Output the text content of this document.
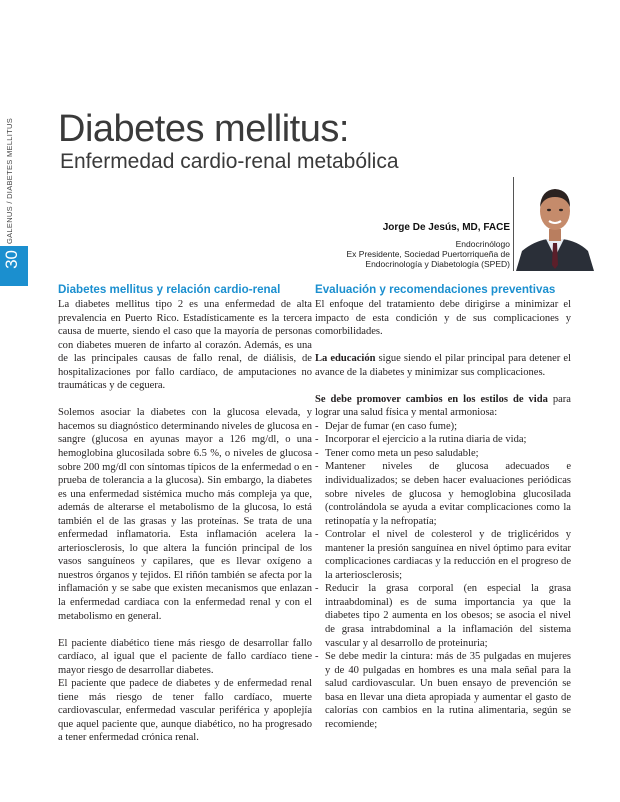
30
GALENUS / DIABETES MELLITUS Diabetes mellitus:
Enfermedad cardio-renal metabólica
Jorge De Jesús, MD, FACE
Endocrinólogo
Ex Presidente, Sociedad Puertorriqueña de
Endocrinología y Diabetología (SPED)
Diabetes mellitus y relación cardio-renal

La diabetes mellitus tipo 2 es una enfermedad de alta prevalencia en Puerto Rico. Estadísticamente es la tercera causa de muerte, siendo el caso que la mayoría de personas con diabetes mueren de infarto al corazón. Además, es una de las principales causas de fallo renal, de diálisis, de hospitalizaciones por fallo cardíaco, de amputaciones no traumáticas y de ceguera.

Solemos asociar la diabetes con la glucosa elevada, y hacemos su diagnóstico determinando niveles de glucosa en sangre (glucosa en ayunas mayor a 126 mg/dl, o una hemoglobina glucosilada sobre 6.5 %, o niveles de glucosa sobre 200 mg/dl con síntomas típicos de la enfermedad o en prueba de tolerancia a la glucosa). Sin embargo, la diabetes es una enfermedad sistémica mucho más compleja ya que, además de alterarse el metabolismo de la glucosa, lo está también el de las grasas y las proteínas. Se trata de una enfermedad inflamatoria. Esta inflamación acelera la arteriosclerosis, lo que altera la función principal de los vasos sanguíneos y capilares, que es llevar oxígeno a nuestros órganos y tejidos. El riñón también se afecta por la inflamación y se sabe que existen mecanismos que enlazan la enfermedad cardiaca con la enfermedad renal y con el metabolismo en general.

El paciente diabético tiene más riesgo de desarrollar fallo cardíaco, al igual que el paciente de fallo cardíaco tiene mayor riesgo de desarrollar diabetes.

El paciente que padece de diabetes y de enfermedad renal tiene más riesgo de tener fallo cardíaco, muerte cardiovascular, enfermedad vascular periférica y apoplejía que aquel paciente que, aunque diabético, no ha progresado a tener enfermedad crónica renal.

Evaluación y recomendaciones preventivas

El enfoque del tratamiento debe dirigirse a minimizar el impacto de esta condición y de sus complicaciones y comorbilidades.

La educación sigue siendo el pilar principal para detener el avance de la diabetes y minimizar sus complicaciones.

Se debe promover cambios en los estilos de vida para lograr una salud física y mental armoniosa:

- Dejar de fumar (en caso fume);
- Incorporar el ejercicio a la rutina diaria de vida;
- Tener como meta un peso saludable;
- Mantener niveles de glucosa adecuados e individualizados; se deben hacer evaluaciones periódicas sobre niveles de glucosa y hemoglobina glucosilada (controlándola se ayuda a evitar complicaciones como la retinopatía y la nefropatía;
- Controlar el nivel de colesterol y de triglicéridos y mantener la presión sanguínea en nivel óptimo para evitar complicaciones cardiacas y la reducción en el progreso de la arteriosclerosis;
- Reducir la grasa corporal (en especial la grasa intraabdominal) es de suma importancia ya que la diabetes tipo 2 aumenta en los obesos; se asocia el nivel de grasa intrabdominal a la inflamación del sistema vascular y al desarrollo de proteinuria;
- Se debe medir la cintura: más de 35 pulgadas en mujeres y de 40 pulgadas en hombres es una mala señal para la salud cardiovascular. Un buen ensayo de prevención se basa en llevar una dieta apropiada y aumentar el gasto de calorías con cambios en la rutina alimentaria, según se recomiende;
